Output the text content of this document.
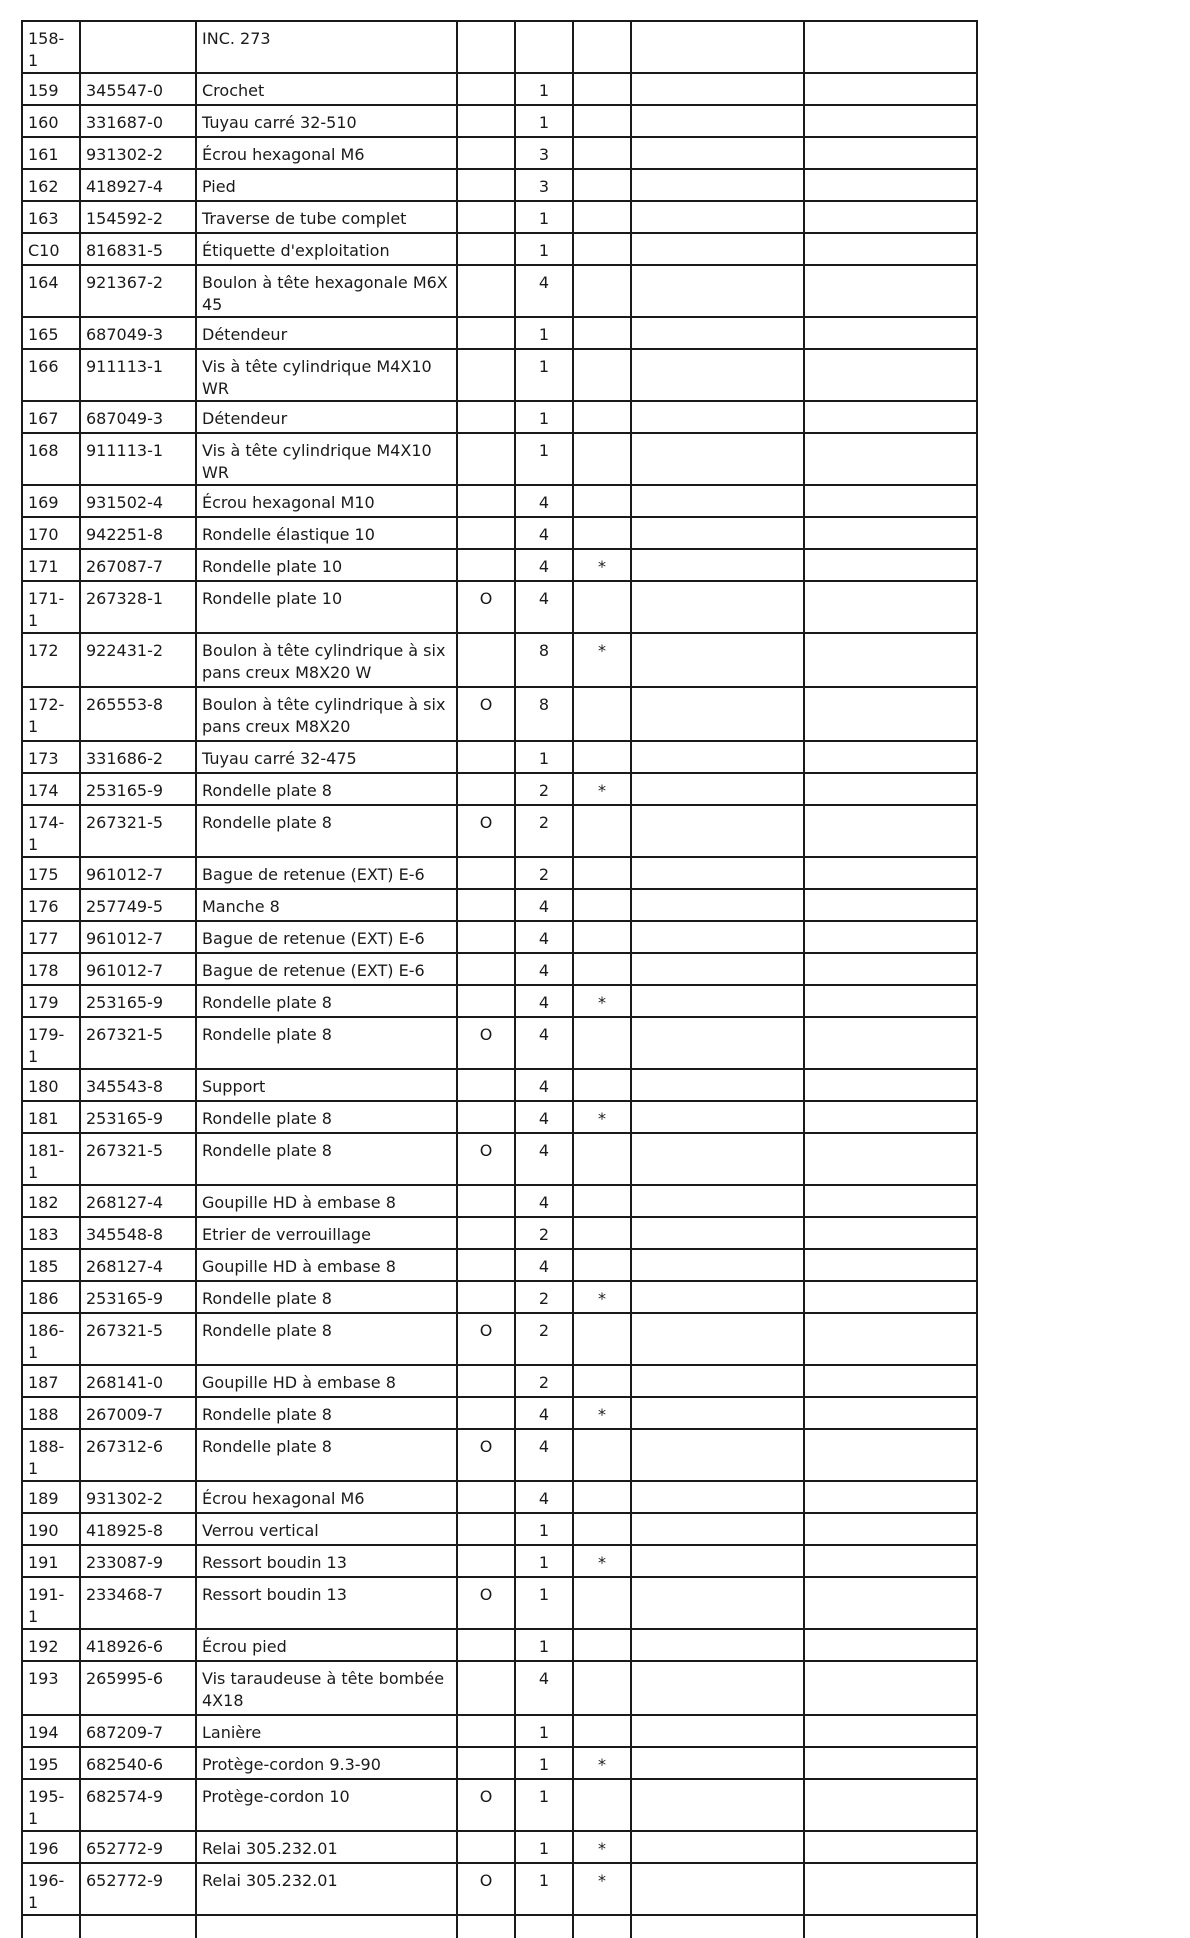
158-1		INC. 273					
159	345547-0	Crochet		1			
160	331687-0	Tuyau carré 32-510		1			
161	931302-2	Écrou hexagonal M6		3			
162	418927-4	Pied		3			
163	154592-2	Traverse de tube complet		1			
C10	816831-5	Étiquette d'exploitation		1			
164	921367-2	Boulon à tête hexagonale M6X45		4			
165	687049-3	Détendeur		1			
166	911113-1	Vis à tête cylindrique M4X10 WR		1			
167	687049-3	Détendeur		1			
168	911113-1	Vis à tête cylindrique M4X10 WR		1			
169	931502-4	Écrou hexagonal M10		4			
170	942251-8	Rondelle élastique 10		4			
171	267087-7	Rondelle plate 10		4	*		
171-1	267328-1	Rondelle plate 10	O	4			
172	922431-2	Boulon à tête cylindrique à six pans creux M8X20 W		8	*		
172-1	265553-8	Boulon à tête cylindrique à six pans creux M8X20	O	8			
173	331686-2	Tuyau carré 32-475		1			
174	253165-9	Rondelle plate 8		2	*		
174-1	267321-5	Rondelle plate 8	O	2			
175	961012-7	Bague de retenue (EXT) E-6		2			
176	257749-5	Manche 8		4			
177	961012-7	Bague de retenue (EXT) E-6		4			
178	961012-7	Bague de retenue (EXT) E-6		4			
179	253165-9	Rondelle plate 8		4	*		
179-1	267321-5	Rondelle plate 8	O	4			
180	345543-8	Support		4			
181	253165-9	Rondelle plate 8		4	*		
181-1	267321-5	Rondelle plate 8	O	4			
182	268127-4	Goupille HD à embase 8		4			
183	345548-8	Etrier de verrouillage		2			
185	268127-4	Goupille HD à embase 8		4			
186	253165-9	Rondelle plate 8		2	*		
186-1	267321-5	Rondelle plate 8	O	2			
187	268141-0	Goupille HD à embase 8		2			
188	267009-7	Rondelle plate 8		4	*		
188-1	267312-6	Rondelle plate 8	O	4			
189	931302-2	Écrou hexagonal M6		4			
190	418925-8	Verrou vertical		1			
191	233087-9	Ressort boudin 13		1	*		
191-1	233468-7	Ressort boudin 13	O	1			
192	418926-6	Écrou pied		1			
193	265995-6	Vis taraudeuse à tête bombée 4X18		4			
194	687209-7	Lanière		1			
195	682540-6	Protège-cordon 9.3-90		1	*		
195-1	682574-9	Protège-cordon 10	O	1			
196	652772-9	Relai 305.232.01		1	*		
196-1	652772-9	Relai 305.232.01	O	1	*		
